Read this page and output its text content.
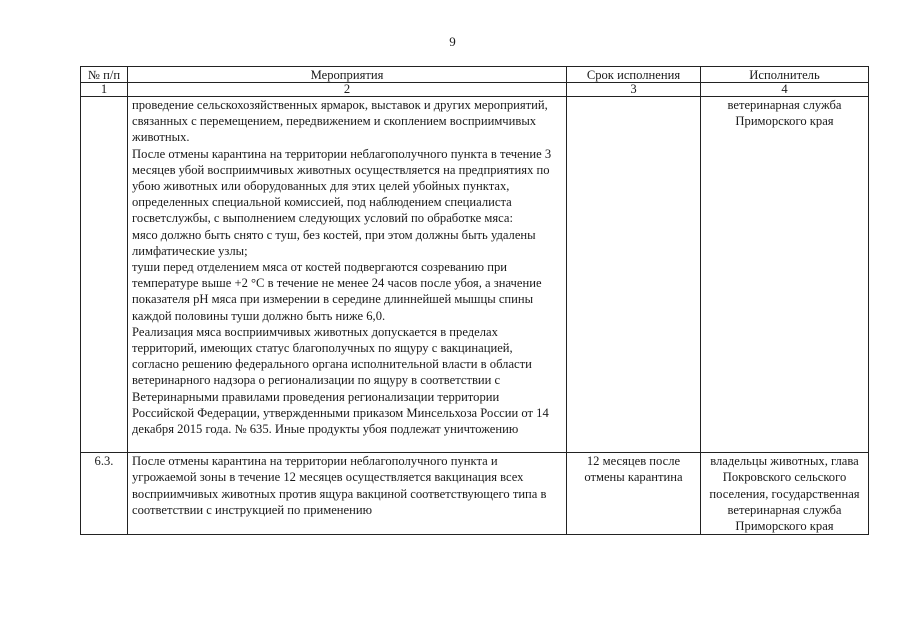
9
№ п/п	Мероприятия	Срок исполнения	Исполнитель
1	2	3	4

	проведение сельскохозяйственных ярмарок, выставок и других мероприятий, связанных с перемещением, передвижением и скоплением восприимчивых животных.
После отмены карантина на территории неблагополучного пункта в течение 3 месяцев убой восприимчивых животных осуществляется на предприятиях по убою животных или оборудованных для этих целей убойных пунктах, определенных специальной комиссией, под наблюдением специалиста госветслужбы, с выполнением следующих условий по обработке мяса:
мясо должно быть снято с туш, без костей, при этом должны быть удалены лимфатические узлы;
туши перед отделением мяса от костей подвергаются созреванию при температуре выше +2 °С в течение не менее 24 часов после убоя, а значение показателя pH мяса при измерении в середине длиннейшей мышцы спины каждой половины туши должно быть ниже 6,0.
Реализация мяса восприимчивых животных допускается в пределах территорий, имеющих статус благополучных по ящуру с вакцинацией, согласно решению федерального органа исполнительной власти в области ветеринарного надзора о регионализации по ящуру в соответствии с Ветеринарными правилами проведения регионализации территории Российской Федерации, утвержденными приказом Минсельхоза России от 14 декабря 2015 года. № 635. Иные продукты убоя подлежат уничтожению		ветеринарная служба Приморского края
6.3.	После отмены карантина на территории неблагополучного пункта и угрожаемой зоны в течение 12 месяцев осуществляется вакцинация всех восприимчивых животных против ящура вакциной соответствующего типа в соответствии с инструкцией по применению	12 месяцев после отмены карантина	владельцы животных, глава Покровского сельского поселения, государственная ветеринарная служба Приморского края
